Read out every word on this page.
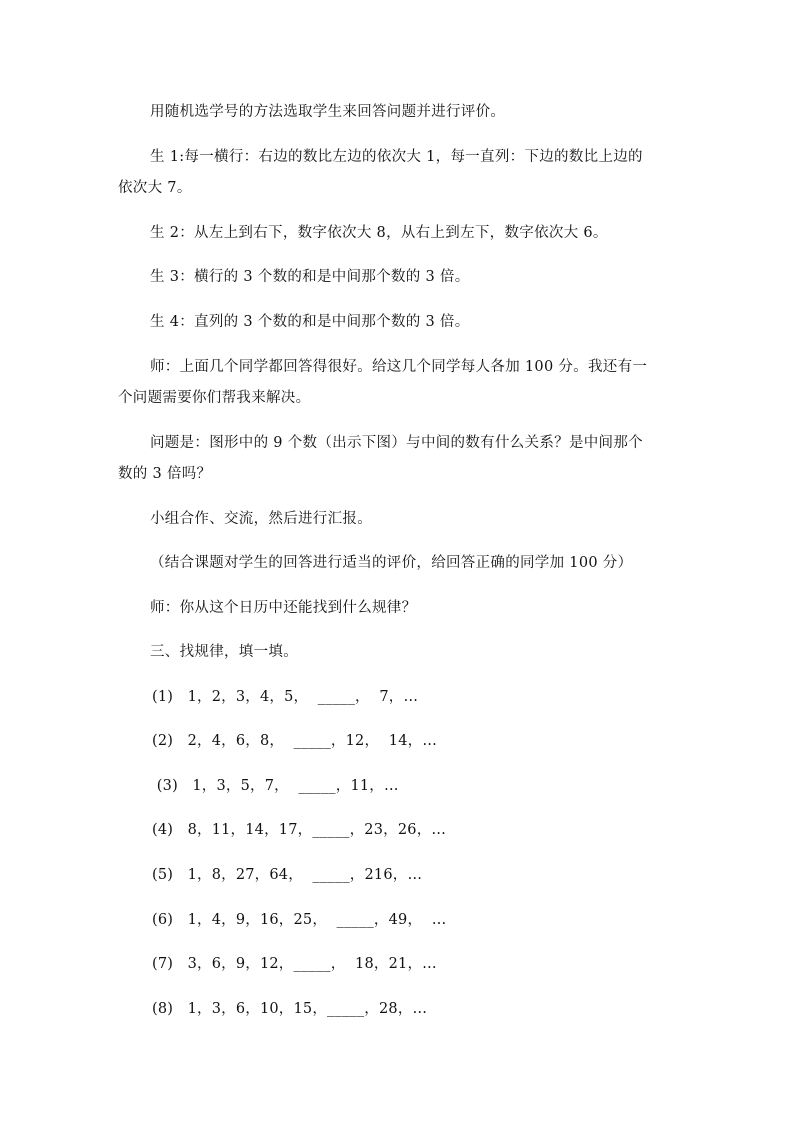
用随机选学号的方法选取学生来回答问题并进行评价。
生 1:每一横行：右边的数比左边的依次大 1，每一直列：下边的数比上边的
依次大 7。
生 2：从左上到右下，数字依次大 8，从右上到左下，数字依次大 6。
生 3：横行的 3 个数的和是中间那个数的 3 倍。
生 4：直列的 3 个数的和是中间那个数的 3 倍。
师：上面几个同学都回答得很好。给这几个同学每人各加 100 分。我还有一
个问题需要你们帮我来解决。
问题是：图形中的 9 个数（出示下图）与中间的数有什么关系？是中间那个
数的 3 倍吗？
小组合作、交流，然后进行汇报。
（结合课题对学生的回答进行适当的评价，给回答正确的同学加 100 分）
师：你从这个日历中还能找到什么规律？
三、找规律，填一填。
(1)   1，2，3，4，5，  _____，  7，…
(2)   2，4，6，8，  _____，12，  14，…
(3)   1，3，5，7，  _____，11，…
(4)   8，11，14，17，_____，23，26，…
(5)   1，8，27，64，  _____，216，…
(6)   1，4，9，16，25，  _____，49，  …
(7)   3，6，9，12，_____，  18，21，…
(8)   1，3，6，10，15，_____，28，…
